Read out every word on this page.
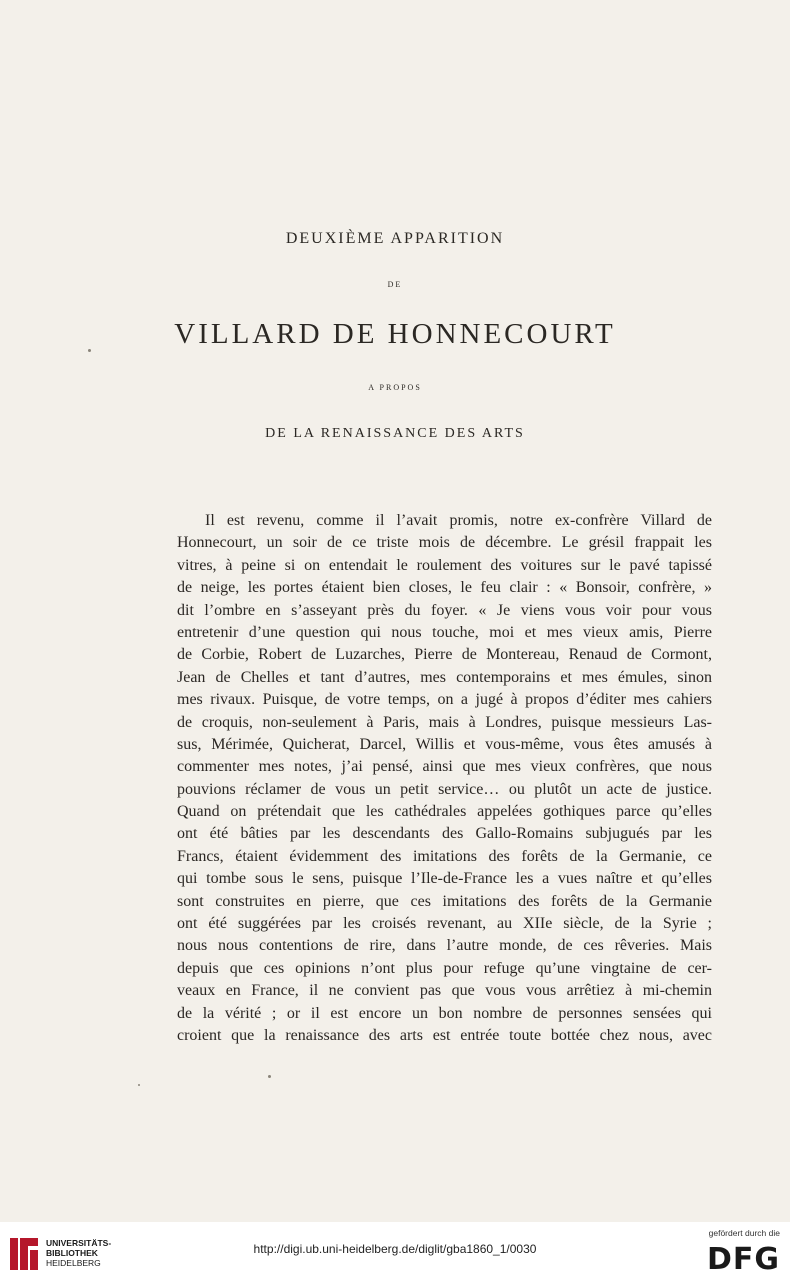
DEUXIÈME APPARITION
DE
VILLARD DE HONNECOURT
A PROPOS
DE LA RENAISSANCE DES ARTS
Il est revenu, comme il l’avait promis, notre ex-confrère Villard de
Honnecourt, un soir de ce triste mois de décembre. Le grésil frappait les
vitres, à peine si on entendait le roulement des voitures sur le pavé tapissé
de neige, les portes étaient bien closes, le feu clair : « Bonsoir, confrère, »
dit l’ombre en s’asseyant près du foyer. « Je viens vous voir pour vous
entretenir d’une question qui nous touche, moi et mes vieux amis, Pierre
de Corbie, Robert de Luzarches, Pierre de Montereau, Renaud de Cormont,
Jean de Chelles et tant d’autres, mes contemporains et mes émules, sinon
mes rivaux. Puisque, de votre temps, on a jugé à propos d’éditer mes cahiers
de croquis, non-seulement à Paris, mais à Londres, puisque messieurs Las-
sus, Mérimée, Quicherat, Darcel, Willis et vous-même, vous êtes amusés à
commenter mes notes, j’ai pensé, ainsi que mes vieux confrères, que nous
pouvions réclamer de vous un petit service… ou plutôt un acte de justice.
Quand on prétendait que les cathédrales appelées gothiques parce qu’elles
ont été bâties par les descendants des Gallo-Romains subjugués par les
Francs, étaient évidemment des imitations des forêts de la Germanie, ce
qui tombe sous le sens, puisque l’Ile-de-France les a vues naître et qu’elles
sont construites en pierre, que ces imitations des forêts de la Germanie
ont été suggérées par les croisés revenant, au XIIe siècle, de la Syrie ;
nous nous contentions de rire, dans l’autre monde, de ces rêveries. Mais
depuis que ces opinions n’ont plus pour refuge qu’une vingtaine de cer-
veaux en France, il ne convient pas que vous vous arrêtiez à mi-chemin
de la vérité ; or il est encore un bon nombre de personnes sensées qui
croient que la renaissance des arts est entrée toute bottée chez nous, avec
UNIVERSITÄTS-
BIBLIOTHEK
HEIDELBERG
http://digi.ub.uni-heidelberg.de/diglit/gba1860_1/0030
gefördert durch die
DFG
